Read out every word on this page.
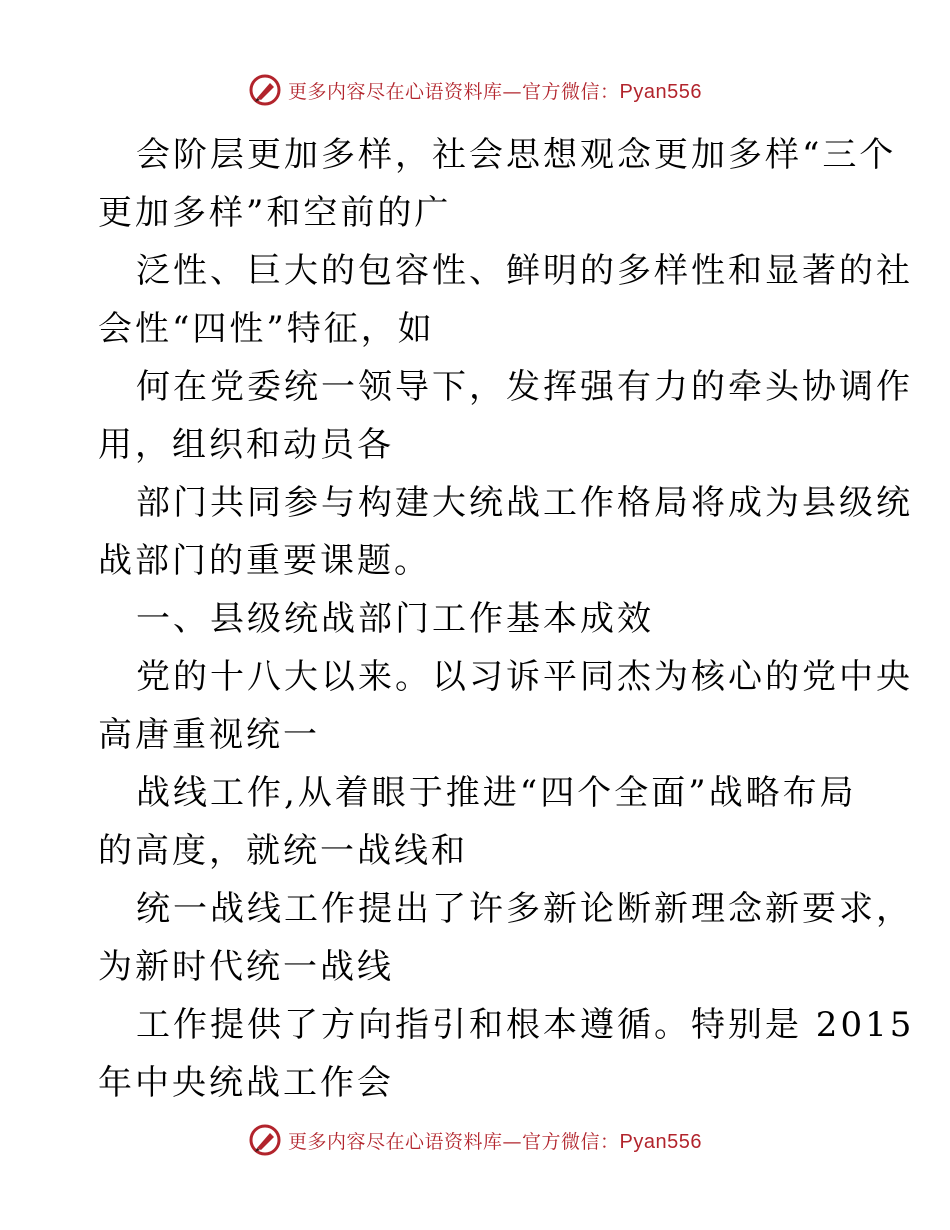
更多内容尽在心语资料库—官方微信：Pyan556
会阶层更加多样，社会思想观念更加多样“三个
更加多样”和空前的广
泛性、巨大的包容性、鲜明的多样性和显著的社
会性“四性”特征，如
何在党委统一领导下，发挥强有力的牵头协调作
用，组织和动员各
部门共同参与构建大统战工作格局将成为县级统
战部门的重要课题。
一、县级统战部门工作基本成效
党的十八大以来。以习诉平同杰为核心的党中央
高唐重视统一
战线工作,从着眼于推进“四个全面”战略布局
的高度，就统一战线和
统一战线工作提出了许多新论断新理念新要求，
为新时代统一战线
工作提供了方向指引和根本遵循。特别是 2015
年中央统战工作会
更多内容尽在心语资料库—官方微信：Pyan556
